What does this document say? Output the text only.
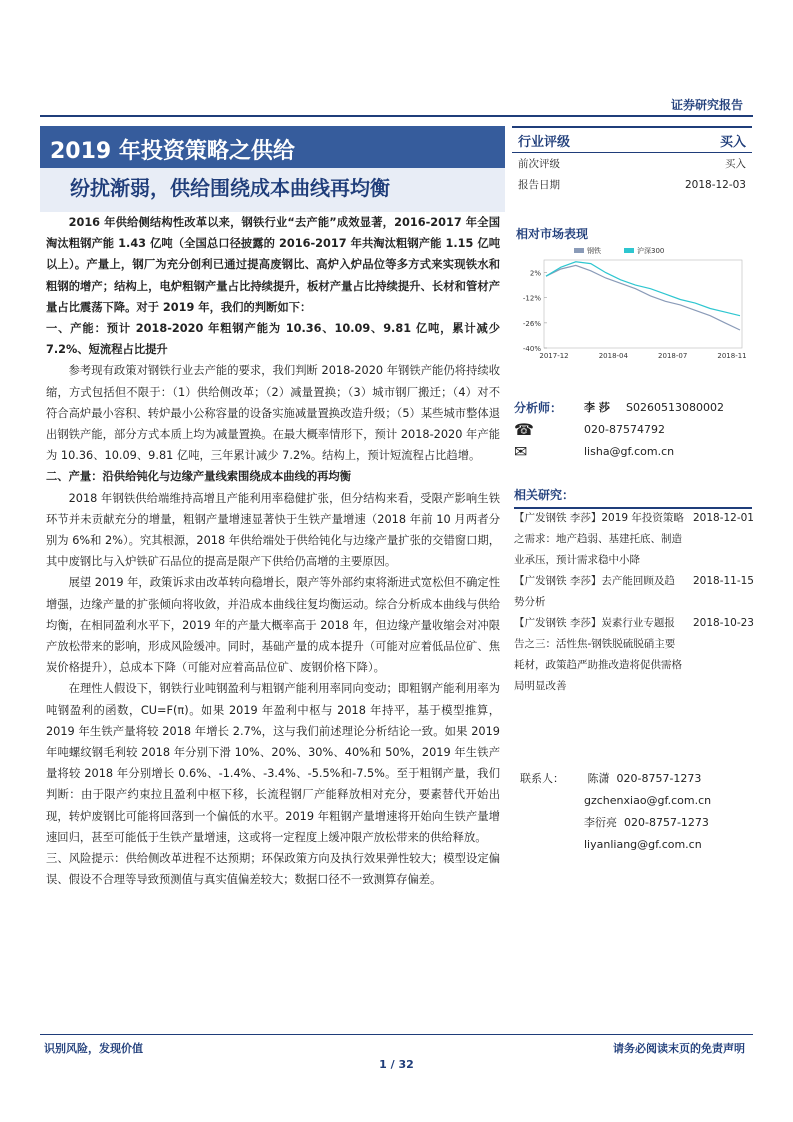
证券研究报告
2019 年投资策略之供给
纷扰渐弱，供给围绕成本曲线再均衡

2016 年供给侧结构性改革以来，钢铁行业“去产能”成效显著，2016-2017 年全国淘汰粗钢产能 1.43 亿吨（全国总口径披露的 2016-2017 年共淘汰粗钢产能 1.15 亿吨以上）。产量上，钢厂为充分创利已通过提高废钢比、高炉入炉品位等多方式来实现铁水和粗钢的增产；结构上，电炉粗钢产量占比持续提升，板材产量占比持续提升、长材和管材产量占比震荡下降。对于 2019 年，我们的判断如下：

一、产能：预计 2018-2020 年粗钢产能为 10.36、10.09、9.81 亿吨，累计减少 7.2%、短流程占比提升

参考现有政策对钢铁行业去产能的要求，我们判断 2018-2020 年钢铁产能仍将持续收缩，方式包括但不限于：（1）供给侧改革；（2）减量置换；（3）城市钢厂搬迁；（4）对不符合高炉最小容积、转炉最小公称容量的设备实施减量置换改造升级；（5）某些城市整体退出钢铁产能，部分方式本质上均为减量置换。在最大概率情形下，预计 2018-2020 年产能为 10.36、10.09、9.81 亿吨，三年累计减少 7.2%。结构上，预计短流程占比趋增。

二、产量：沿供给钝化与边缘产量线索围绕成本曲线的再均衡

2018 年钢铁供给端维持高增且产能利用率稳健扩张，但分结构来看，受限产影响生铁环节并未贡献充分的增量，粗钢产量增速显著快于生铁产量增速（2018 年前 10 月两者分别为 6%和 2%）。究其根源，2018 年供给端处于供给钝化与边缘产量扩张的交错窗口期，其中废钢比与入炉铁矿石品位的提高是限产下供给仍高增的主要原因。

展望 2019 年，政策诉求由改革转向稳增长，限产等外部约束将渐进式宽松但不确定性增强，边缘产量的扩张倾向将收敛，并沿成本曲线往复均衡运动。综合分析成本曲线与供给均衡，在相同盈利水平下，2019 年的产量大概率高于 2018 年，但边缘产量收缩会对冲限产放松带来的影响，形成风险缓冲。同时，基础产量的成本提升（可能对应着低品位矿、焦炭价格提升），总成本下降（可能对应着高品位矿、废钢价格下降）。

在理性人假设下，钢铁行业吨钢盈利与粗钢产能利用率同向变动；即粗钢产能利用率为吨钢盈利的函数，CU=F(π)。如果 2019 年盈利中枢与 2018 年持平，基于模型推算，2019 年生铁产量将较 2018 年增长 2.7%，这与我们前述理论分析结论一致。如果 2019 年吨螺纹钢毛利较 2018 年分别下滑 10%、20%、30%、40%和 50%，2019 年生铁产量将较 2018 年分别增长 0.6%、-1.4%、-3.4%、-5.5%和-7.5%。至于粗钢产量，我们判断：由于限产约束拉且盈利中枢下移，长流程钢厂产能释放相对充分，要素替代开始出现，转炉废钢比可能将回落到一个偏低的水平。2019 年粗钢产量增速将开始向生铁产量增速回归，甚至可能低于生铁产量增速，这或将一定程度上缓冲限产放松带来的供给释放。

三、风险提示：供给侧改革进程不达预期；环保政策方向及执行效果弹性较大；模型设定偏误、假设不合理等导致预测值与真实值偏差较大；数据口径不一致测算存偏差。

行业评级	买入
前次评级	买入
报告日期	2018-12-03
相对市场表现
2%
-12%
-26%
-40%
2017-12	2018-04	2018-07	2018-11
钢铁	沪深300
分析师：	李 莎	S0260513080002
☎	020-87574792
✉	lisha@gf.com.cn
相关研究：
【广发钢铁 李莎】2019 年投资策略之需求：地产趋弱、基建托底、制造业承压，预计需求稳中小降
2018-12-01
【广发钢铁 李莎】去产能回顾及趋势分析
2018-11-15
【广发钢铁 李莎】炭素行业专题报告之三：活性焦-钢铁脱硫脱硝主要耗材，政策趋严助推改造将促供需格局明显改善
2018-10-23
联系人： 陈潇 020-8757-1273
gzchenxiao@gf.com.cn
李衍亮 020-8757-1273
liyanliang@gf.com.cn
识别风险，发现价值	请务必阅读末页的免责声明
1 / 32
